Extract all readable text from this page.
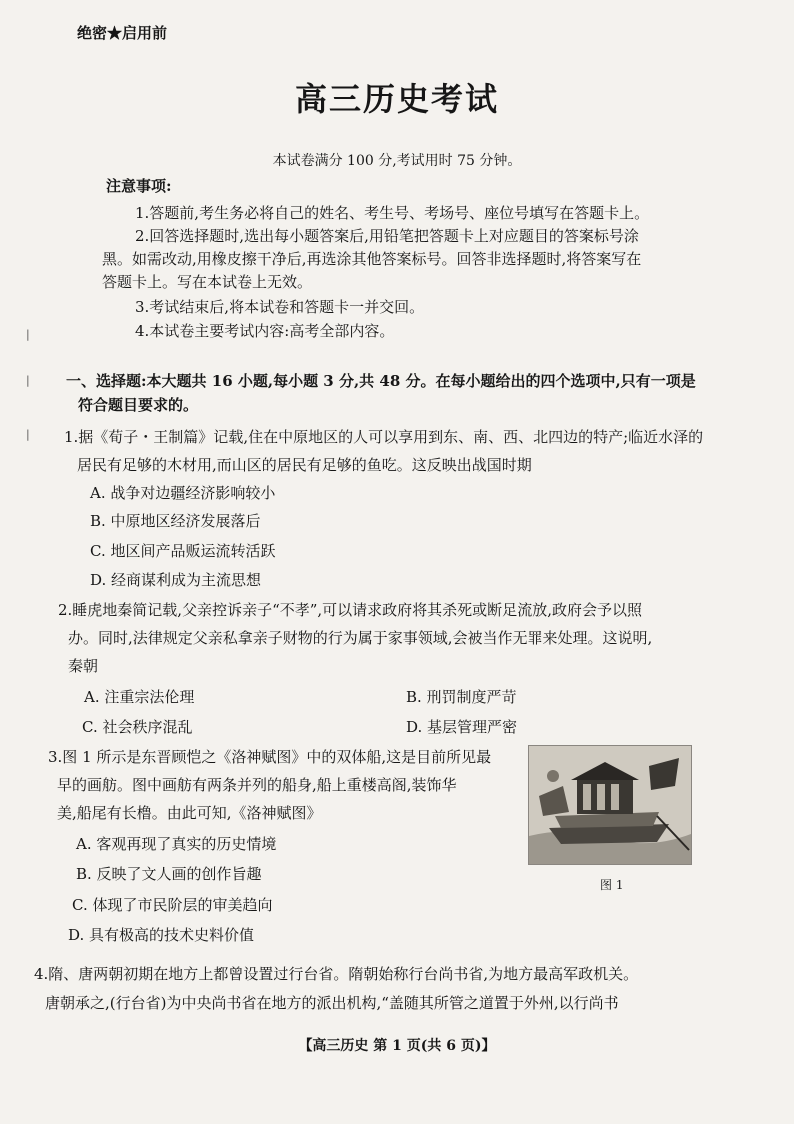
绝密★启用前
高三历史考试
本试卷满分 100 分,考试用时 75 分钟。
注意事项:
1.答题前,考生务必将自己的姓名、考生号、考场号、座位号填写在答题卡上。
2.回答选择题时,选出每小题答案后,用铅笔把答题卡上对应题目的答案标号涂
黑。如需改动,用橡皮擦干净后,再选涂其他答案标号。回答非选择题时,将答案写在
答题卡上。写在本试卷上无效。
3.考试结束后,将本试卷和答题卡一并交回。
4.本试卷主要考试内容:高考全部内容。
|
|
|
一、选择题:本大题共 16 小题,每小题 3 分,共 48 分。在每小题给出的四个选项中,只有一项是
符合题目要求的。
1.据《荀子・王制篇》记载,住在中原地区的人可以享用到东、南、西、北四边的特产;临近水泽的
居民有足够的木材用,而山区的居民有足够的鱼吃。这反映出战国时期
A. 战争对边疆经济影响较小
B. 中原地区经济发展落后
C. 地区间产品贩运流转活跃
D. 经商谋利成为主流思想
2.睡虎地秦简记载,父亲控诉亲子“不孝”,可以请求政府将其杀死或断足流放,政府会予以照
办。同时,法律规定父亲私拿亲子财物的行为属于家事领域,会被当作无罪来处理。这说明,
秦朝
A. 注重宗法伦理	B. 刑罚制度严苛
C. 社会秩序混乱	D. 基层管理严密
3.图 1 所示是东晋顾恺之《洛神赋图》中的双体船,这是目前所见最
早的画舫。图中画舫有两条并列的船身,船上重楼高阁,装饰华
美,船尾有长橹。由此可知,《洛神赋图》
A. 客观再现了真实的历史情境
B. 反映了文人画的创作旨趣
C. 体现了市民阶层的审美趋向
D. 具有极高的技术史料价值
图 1
4.隋、唐两朝初期在地方上都曾设置过行台省。隋朝始称行台尚书省,为地方最高军政机关。
唐朝承之,(行台省)为中央尚书省在地方的派出机构,“盖随其所管之道置于外州,以行尚书
【高三历史 第 1 页(共 6 页)】
